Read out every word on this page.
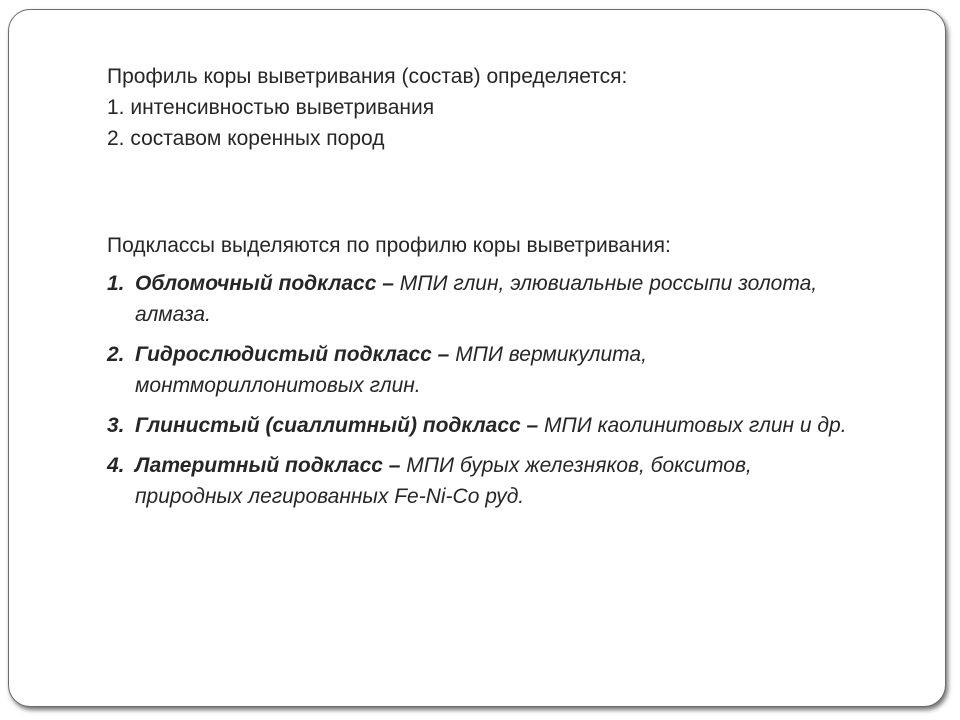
Профиль коры выветривания (состав) определяется:

1. интенсивностью выветривания

2. составом коренных пород

Подклассы выделяются по профилю коры выветривания:

1. Обломочный подкласс – МПИ глин, элювиальные россыпи золота, алмаза.
2. Гидрослюдистый подкласс – МПИ вермикулита, монтмориллонитовых глин.
3. Глинистый (сиаллитный) подкласс – МПИ каолинитовых глин и др.
4. Латеритный подкласс – МПИ бурых железняков, бокситов, природных легированных Fe-Ni-Co руд.
